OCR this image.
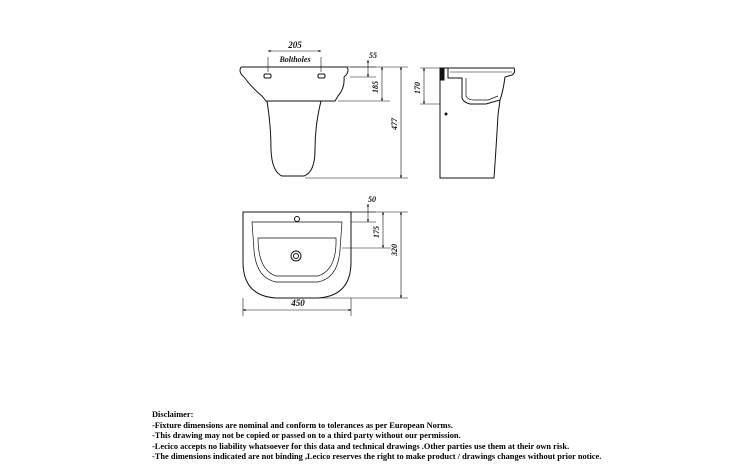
205
Boltholes	55
185
477
170
50
175
320
450
Disclaimer:
-Fixture dimensions are nominal and conform to tolerances as per European Norms.
-This drawing may not be copied or passed on to a third party without our permission.
-Lecico accepts no liability whatsoever for this data and technical drawings .Other parties use them at their own risk.
-The dimensions indicated are not binding ,Lecico reserves the right to make product / drawings changes without prior notice.
